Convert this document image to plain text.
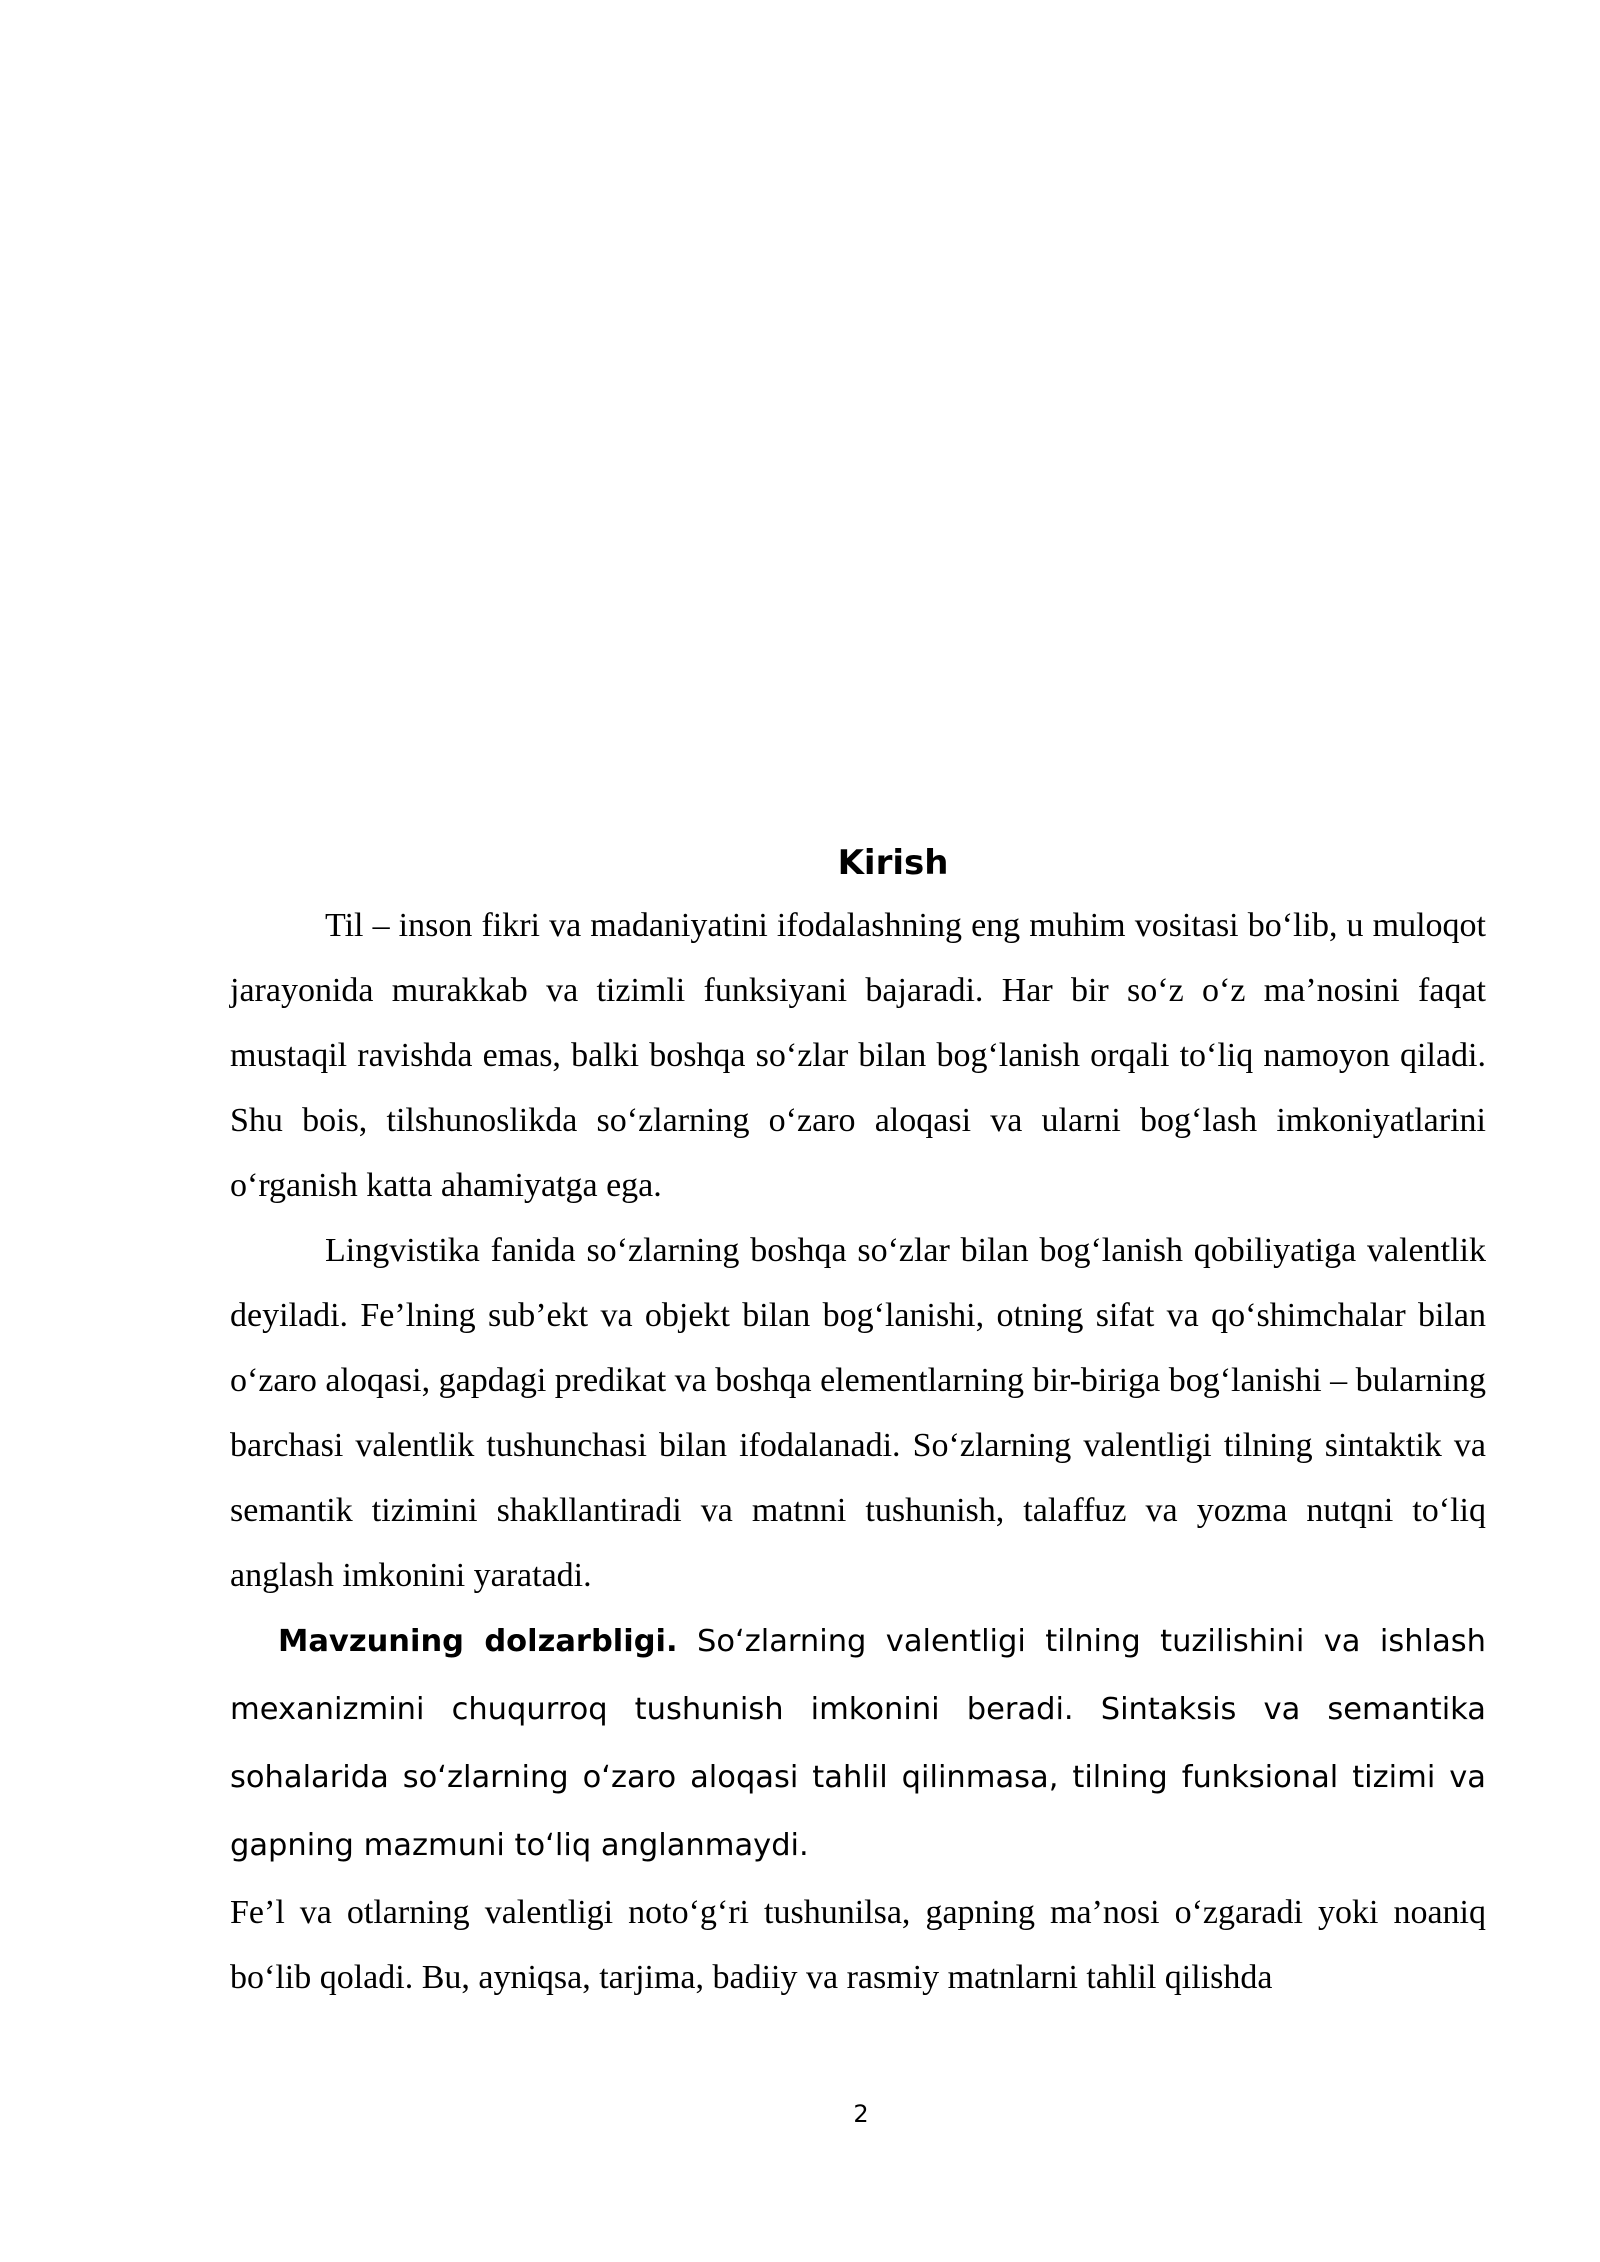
Kirish

Til – inson fikri va madaniyatini ifodalashning eng muhim vositasi bo‘lib, u muloqot jarayonida murakkab va tizimli funksiyani bajaradi. Har bir so‘z o‘z ma’nosini faqat mustaqil ravishda emas, balki boshqa so‘zlar bilan bog‘lanish orqali to‘liq namoyon qiladi. Shu bois, tilshunoslikda so‘zlarning o‘zaro aloqasi va ularni bog‘lash imkoniyatlarini o‘rganish katta ahamiyatga ega.

Lingvistika fanida so‘zlarning boshqa so‘zlar bilan bog‘lanish qobiliyatiga valentlik deyiladi. Fe’lning sub’ekt va objekt bilan bog‘lanishi, otning sifat va qo‘shimchalar bilan o‘zaro aloqasi, gapdagi predikat va boshqa elementlarning bir-biriga bog‘lanishi – bularning barchasi valentlik tushunchasi bilan ifodalanadi. So‘zlarning valentligi tilning sintaktik va semantik tizimini shakllantiradi va matnni tushunish, talaffuz va yozma nutqni to‘liq anglash imkonini yaratadi.

Mavzuning dolzarbligi. So‘zlarning valentligi tilning tuzilishini va ishlash mexanizmini chuqurroq tushunish imkonini beradi. Sintaksis va semantika sohalarida so‘zlarning o‘zaro aloqasi tahlil qilinmasa, tilning funksional tizimi va gapning mazmuni to‘liq anglanmaydi.

Fe’l va otlarning valentligi noto‘g‘ri tushunilsa, gapning ma’nosi o‘zgaradi yoki noaniq bo‘lib qoladi. Bu, ayniqsa, tarjima, badiiy va rasmiy matnlarni tahlil qilishda

2
